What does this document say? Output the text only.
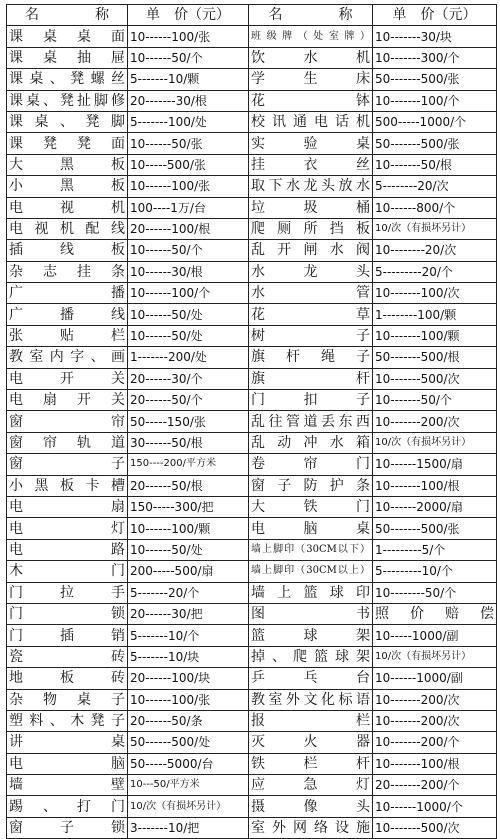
名　　　　称	单　价（元）	名　　　　称	单　价（元）
课桌桌面	10------100/张	班级牌（处室牌）	10-------30/块
课桌抽屉	10------50/个	饮水机	10-------300/个
课桌、凳螺丝	5-------10/颗	学生床	50-------500/张
课桌、凳扯脚修	20-------30/根	花钵	10-------100/个
课桌、凳脚	5-------100/处	校讯通电话机	500-----1000/个
课凳凳面	10------50/张	实验桌	50-------500/张
大黑板	10-----500/张	挂衣丝	10-------50/根
小黑板	10------100/张	取下水龙头放水	5--------20/次
电视机	100----1万/台	垃圾桶	10------800/个
电视机配线	20------100/根	爬厕所挡板	10/次（有损坏另计）
插线板	10------50/个	乱开闸水阀	10--------20/次
杂志挂条	10------30/根	水龙头	5---------20/个
广播	10------100/个	水管	10-------100/次
广播线	10------50/处	花草	1--------100/颗
张贴栏	10------50/处	树子	10-------100/颗
教室内字、画	1-------200/处	旗杆绳子	50-------500/根
电开关	20------30/个	旗杆	10-------500/次
电扇开关	20------50/个	门扣子	10-------50/个
窗帘	50-----150/张	乱往管道丢东西	10-------200/次
窗帘轨道	30------50/根	乱动冲水箱	10/次（有损坏另计）
窗子	150----200/平方米	卷帘门	10------1500/扇
小黑板卡槽	20------50/根	窗子防护条	10-------100/根
电扇	150-----300/把	大铁门	10------2000/扇
电灯	10------100/颗	电脑桌	50-------500/张
电路	10------50/处	墙上脚印（30CM以下）	1---------5/个
木门	200-----500/扇	墙上脚印（30CM以上）	5---------10/个
门拉手	5-------20/个	墙上篮球印	10--------50/个
门锁	20------30/把	图书	照价赔偿
门插销	5-------10/个	篮球架	10-----1000/副
瓷砖	5-------10/块	掉、爬篮球架	10/次（有损坏另计）
地板砖	20------100/块	乒乓台	10------1000/副
杂物桌子	10------100/张	教室外文化标语	10-------200/次
塑料、木凳子	20------50/条	报栏	10-------200/次
讲桌	50------500/处	灭火器	10-------200/个
电脑	50-----5000/台	铁栏杆	10-------100/根
墙壁	10---50/平方米	应急灯	20-------200/个
踢、打门	10/次（有损坏另计）	摄像头	10------1000/个
窗子锁	3-------10/把	室外网络设施	10-------500/次
